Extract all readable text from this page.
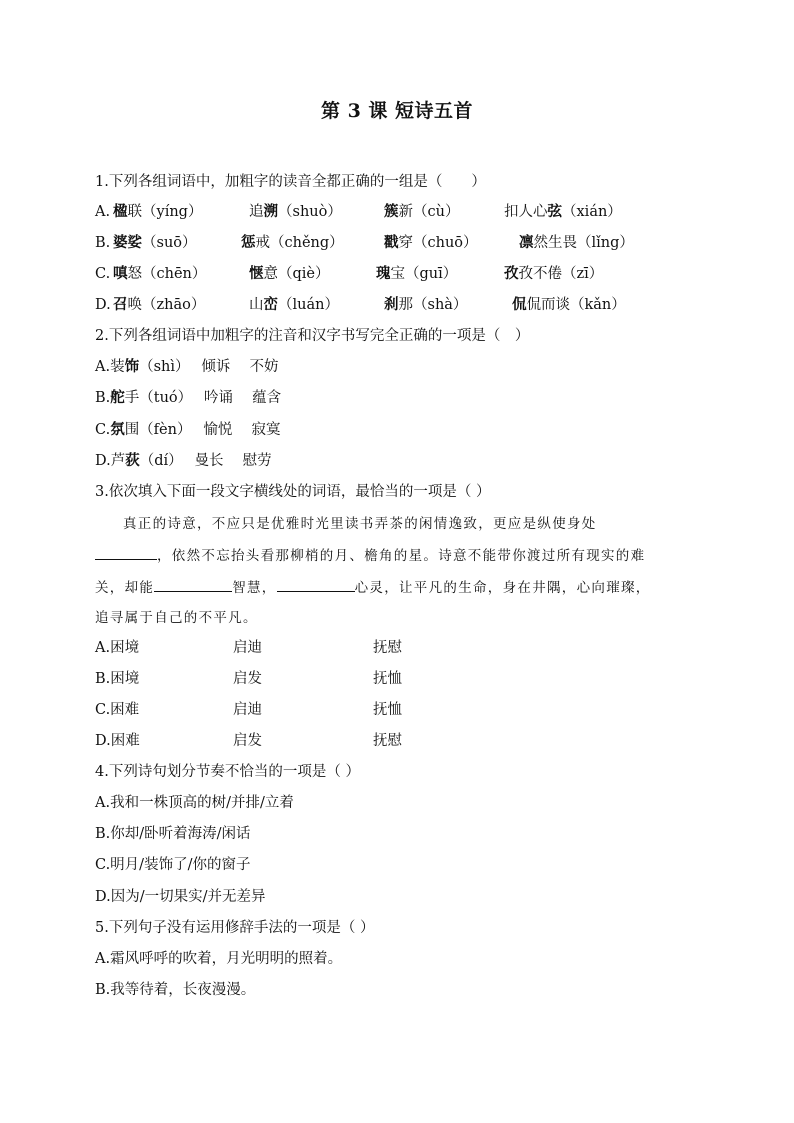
第 3 课 短诗五首
1.下列各组词语中，加粗字的读音全都正确的一组是（　　）
A. 楹联（yíng）	追溯（shuò）	簇新（cù）	扣人心弦（xián）
B. 婆娑（suō）	惩戒（chěng）	戳穿（chuō）	凛然生畏（lǐng）
C. 嗔怒（chēn）	惬意（qiè）	瑰宝（guī）	孜孜不倦（zī）
D. 召唤（zhāo）	山峦（luán）	刹那（shà）	侃侃而谈（kǎn）
2.下列各组词语中加粗字的注音和汉字书写完全正确的一项是（　）
A.装饰（shì）　 倾诉　 不妨
B.舵手（tuó）　 吟诵　 蕴含
C.氛围（fèn）　 愉悦　 寂寞
D.芦荻（dí）　 曼长　 慰劳
3.依次填入下面一段文字横线处的词语，最恰当的一项是（ ）
真正的诗意，不应只是优雅时光里读书弄茶的闲情逸致，更应是纵使身处
，依然不忘抬头看那柳梢的月、檐角的星。诗意不能带你渡过所有现实的难
关，却能	智慧，	心灵，让平凡的生命，身在井隅，心向璀璨，
追寻属于自己的不平凡。
A.困境	启迪	抚慰
B.困境	启发	抚恤
C.困难	启迪	抚恤
D.困难	启发	抚慰
4.下列诗句划分节奏不恰当的一项是（ ）
A.我和一株顶高的树/并排/立着
B.你却/卧听着海涛/闲话
C.明月/装饰了/你的窗子
D.因为/一切果实/并无差异
5.下列句子没有运用修辞手法的一项是（ ）
A.霜风呼呼的吹着，月光明明的照着。
B.我等待着，长夜漫漫。
